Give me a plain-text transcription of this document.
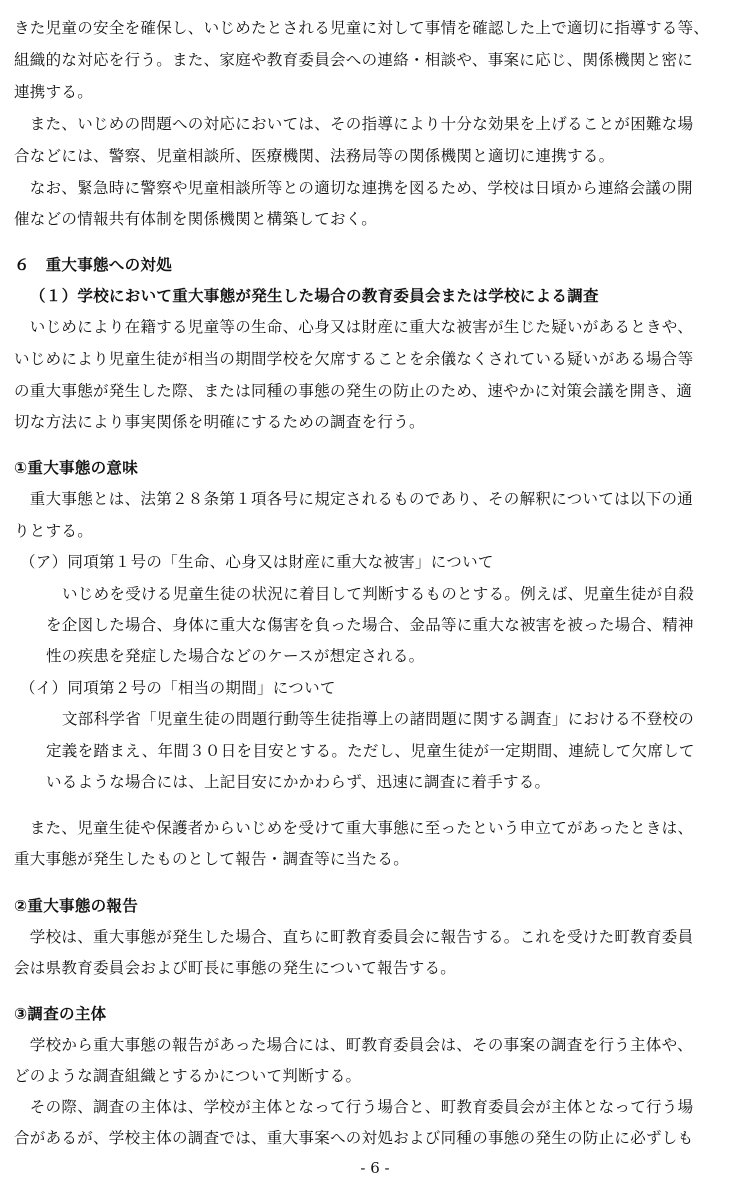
きた児童の安全を確保し、いじめたとされる児童に対して事情を確認した上で適切に指導する等、
組織的な対応を行う。また、家庭や教育委員会への連絡・相談や、事案に応じ、関係機関と密に
連携する。
　また、いじめの問題への対応においては、その指導により十分な効果を上げることが困難な場
合などには、警察、児童相談所、医療機関、法務局等の関係機関と適切に連携する。
　なお、緊急時に警察や児童相談所等との適切な連携を図るため、学校は日頃から連絡会議の開
催などの情報共有体制を関係機関と構築しておく。
６　重大事態への対処
（１）学校において重大事態が発生した場合の教育委員会または学校による調査
　いじめにより在籍する児童等の生命、心身又は財産に重大な被害が生じた疑いがあるときや、
いじめにより児童生徒が相当の期間学校を欠席することを余儀なくされている疑いがある場合等
の重大事態が発生した際、または同種の事態の発生の防止のため、速やかに対策会議を開き、適
切な方法により事実関係を明確にするための調査を行う。
①重大事態の意味
　重大事態とは、法第２８条第１項各号に規定されるものであり、その解釈については以下の通
りとする。
（ア）同項第１号の「生命、心身又は財産に重大な被害」について
いじめを受ける児童生徒の状況に着目して判断するものとする。例えば、児童生徒が自殺
を企図した場合、身体に重大な傷害を負った場合、金品等に重大な被害を被った場合、精神
性の疾患を発症した場合などのケースが想定される。
（イ）同項第２号の「相当の期間」について
文部科学省「児童生徒の問題行動等生徒指導上の諸問題に関する調査」における不登校の
定義を踏まえ、年間３０日を目安とする。ただし、児童生徒が一定期間、連続して欠席して
いるような場合には、上記目安にかかわらず、迅速に調査に着手する。
　また、児童生徒や保護者からいじめを受けて重大事態に至ったという申立てがあったときは、
重大事態が発生したものとして報告・調査等に当たる。
②重大事態の報告
　学校は、重大事態が発生した場合、直ちに町教育委員会に報告する。これを受けた町教育委員
会は県教育委員会および町長に事態の発生について報告する。
③調査の主体
　学校から重大事態の報告があった場合には、町教育委員会は、その事案の調査を行う主体や、
どのような調査組織とするかについて判断する。
　その際、調査の主体は、学校が主体となって行う場合と、町教育委員会が主体となって行う場
合があるが、学校主体の調査では、重大事案への対処および同種の事態の発生の防止に必ずしも
- 6 -
